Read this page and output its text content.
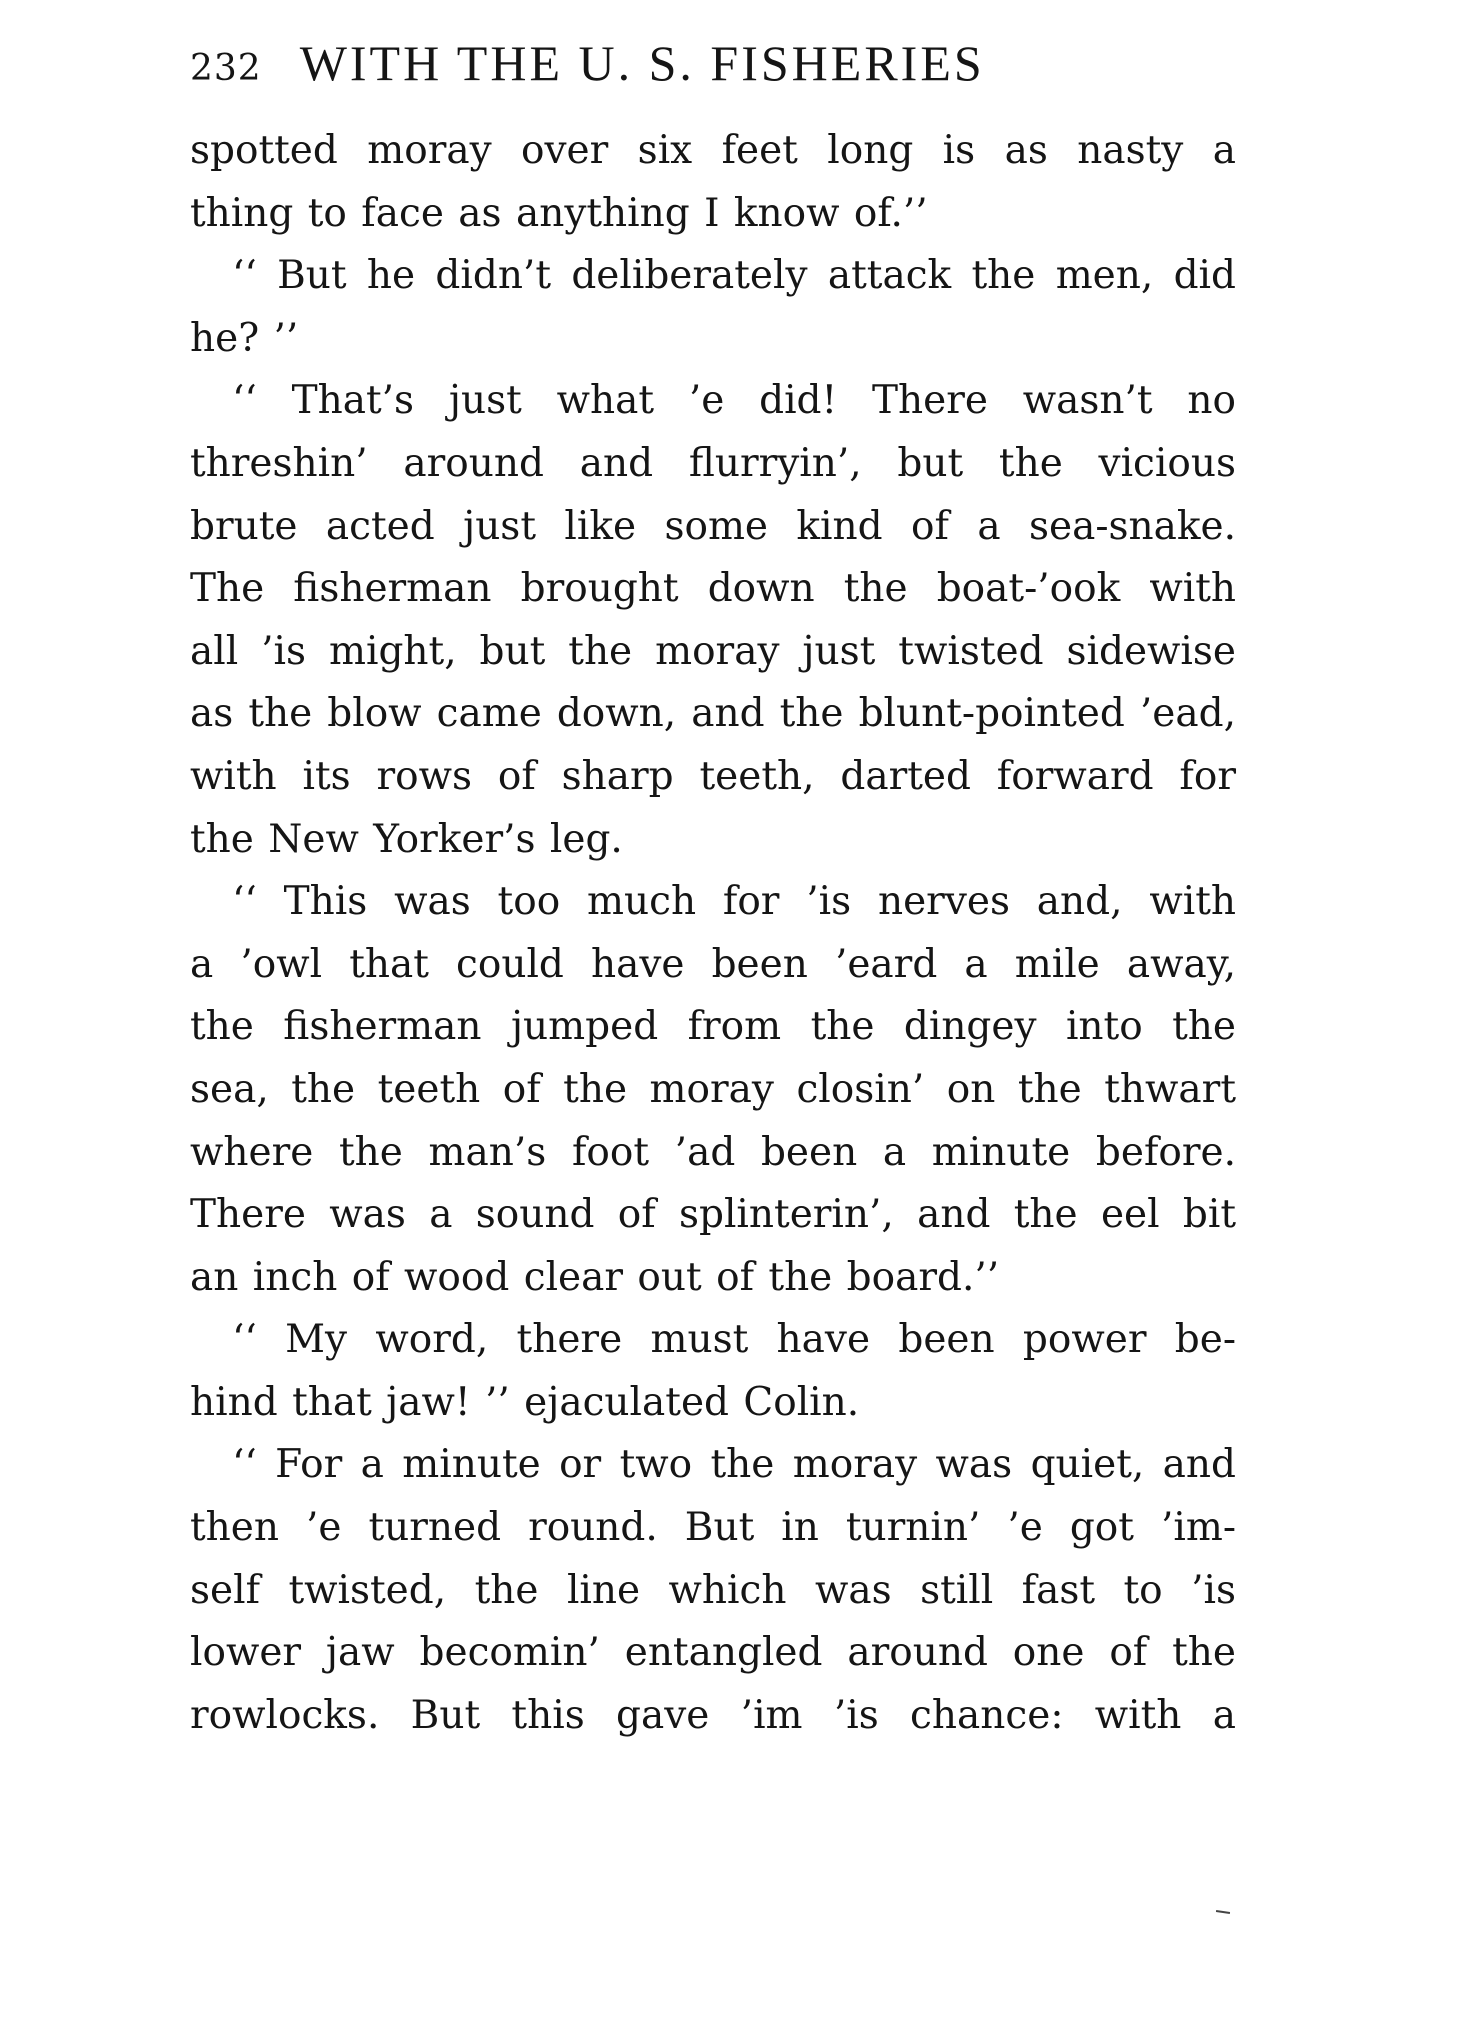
232 WITH THE U. S. FISHERIES
spotted moray over six feet long is as nasty a
thing to face as anything I know of.’’
‘‘ But he didn’t deliberately attack the men, did
he? ’’
‘‘ That’s just what ’e did! There wasn’t no
threshin’ around and flurryin’, but the vicious
brute acted just like some kind of a sea-snake.
The fisherman brought down the boat-’ook with
all ’is might, but the moray just twisted sidewise
as the blow came down, and the blunt-pointed ’ead,
with its rows of sharp teeth, darted forward for
the New Yorker’s leg.
‘‘ This was too much for ’is nerves and, with
a ’owl that could have been ’eard a mile away,
the fisherman jumped from the dingey into the
sea, the teeth of the moray closin’ on the thwart
where the man’s foot ’ad been a minute before.
There was a sound of splinterin’, and the eel bit
an inch of wood clear out of the board.’’
‘‘ My word, there must have been power be-
hind that jaw! ’’ ejaculated Colin.
‘‘ For a minute or two the moray was quiet, and
then ’e turned round. But in turnin’ ’e got ’im-
self twisted, the line which was still fast to ’is
lower jaw becomin’ entangled around one of the
rowlocks. But this gave ’im ’is chance: with a
